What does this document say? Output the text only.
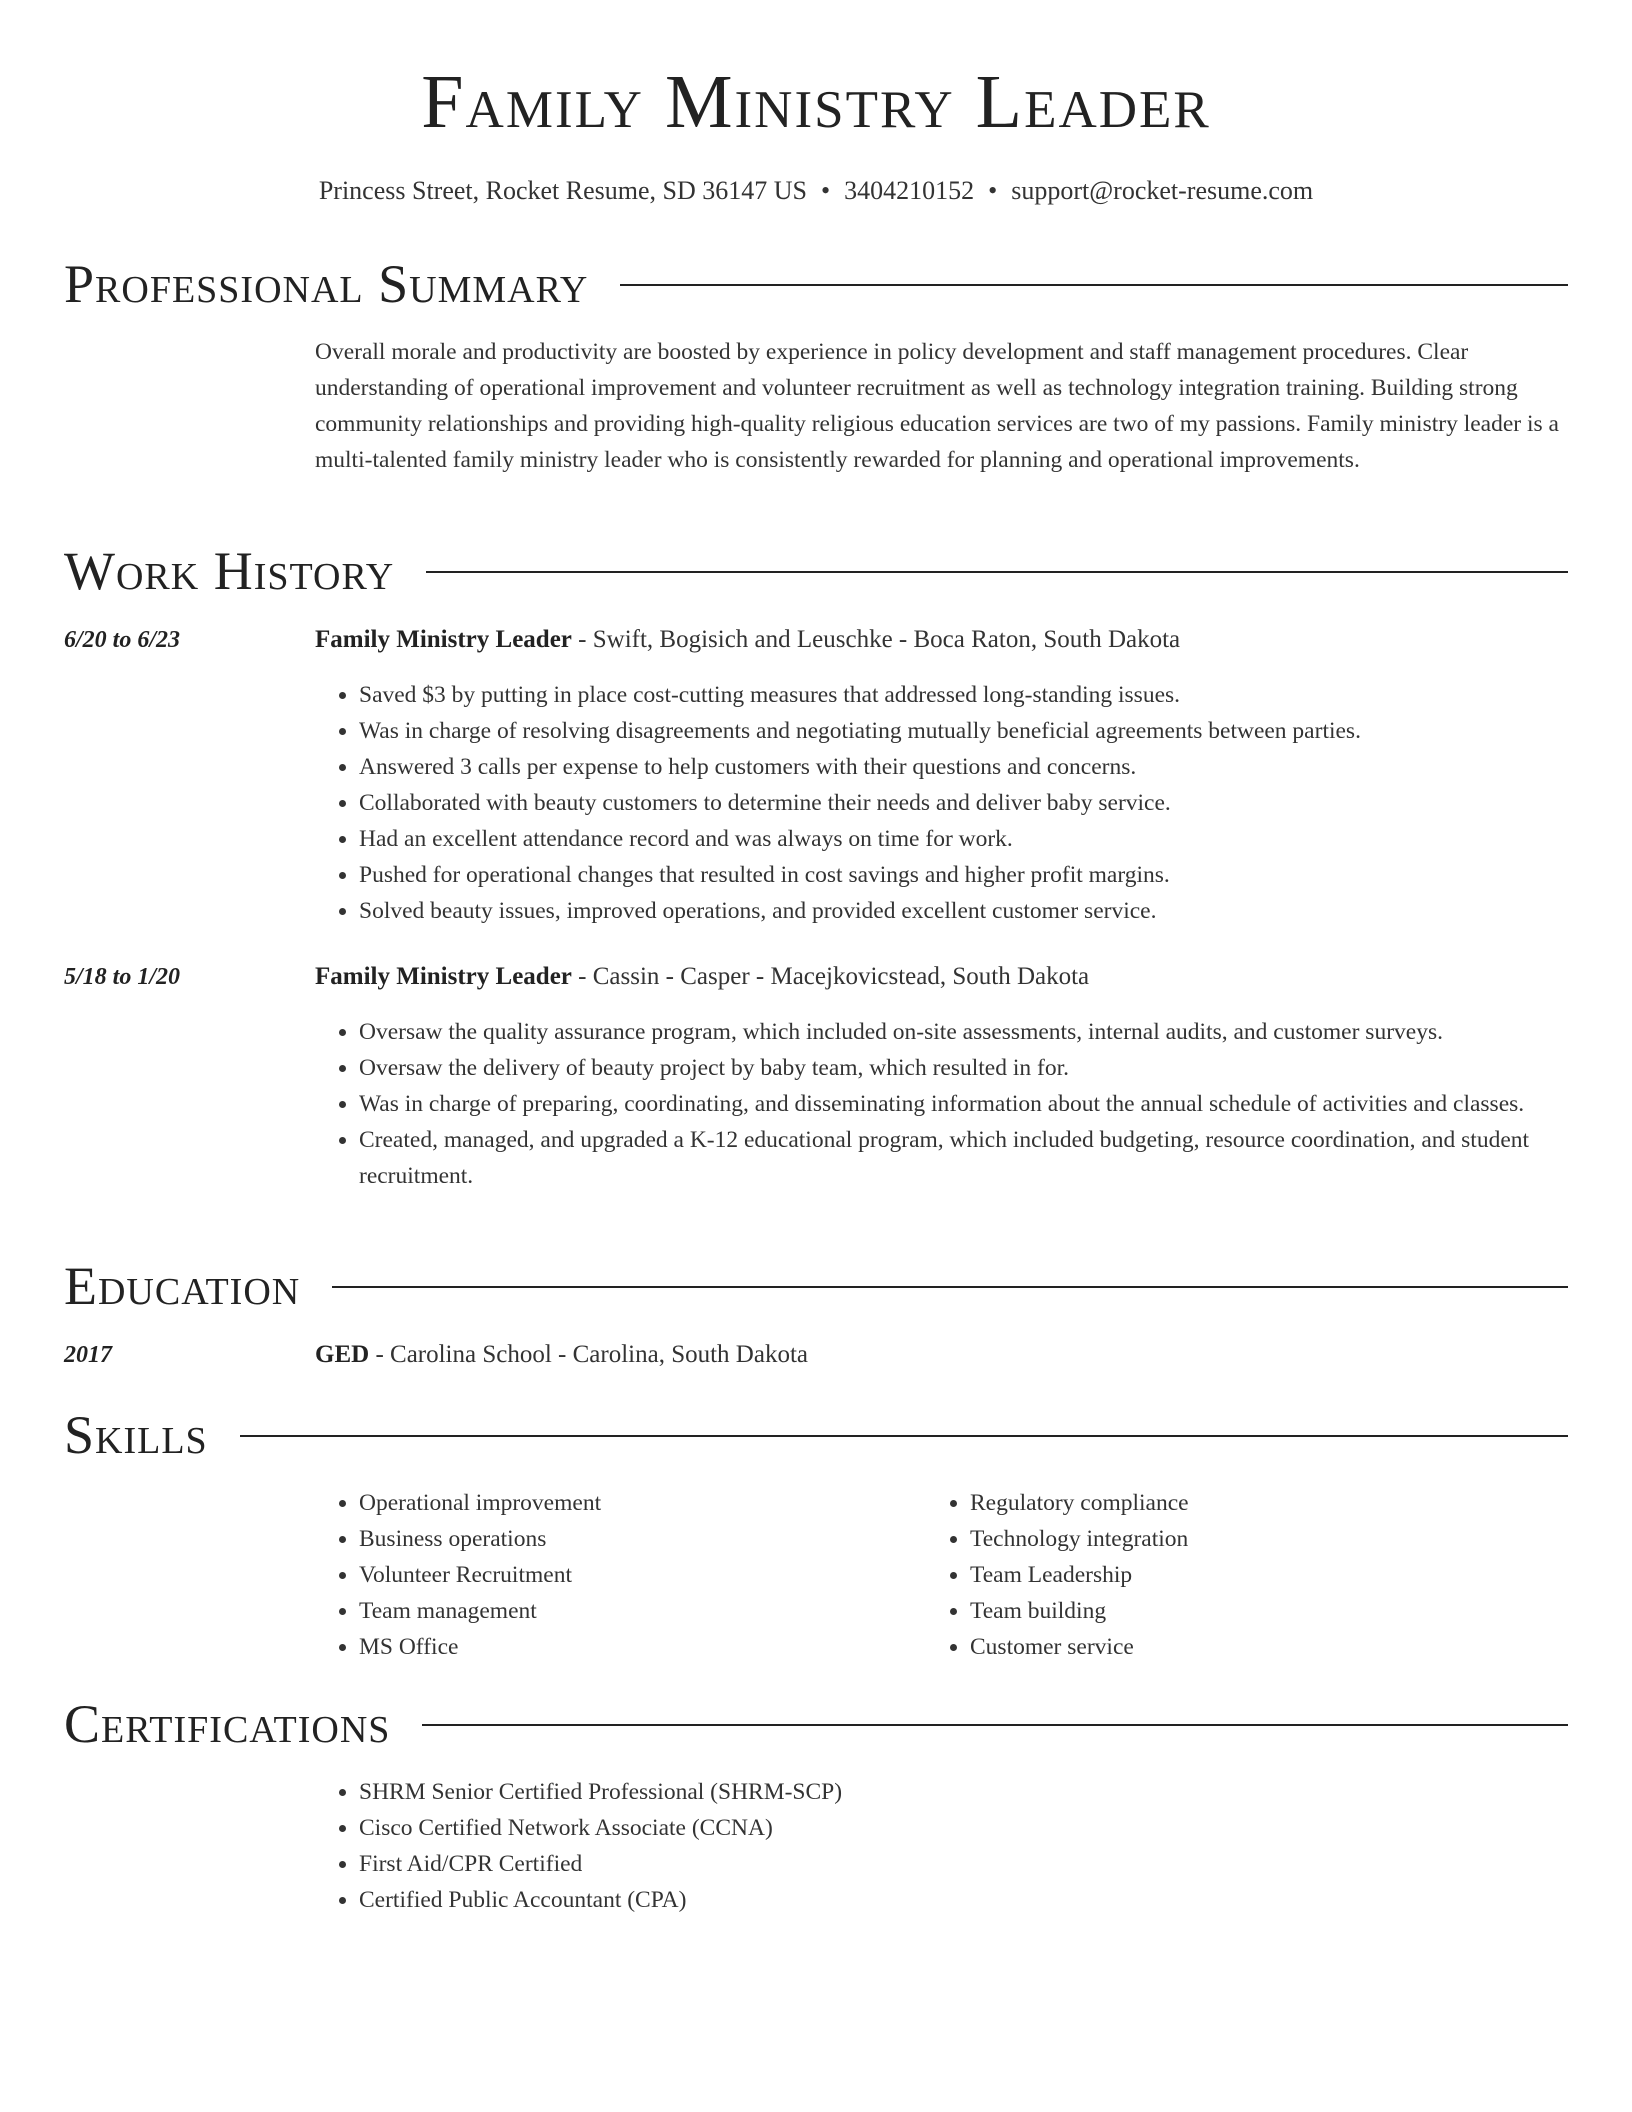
Family Ministry Leader
Princess Street, Rocket Resume, SD 36147 US • 3404210152 • support@rocket-resume.com
Professional Summary
Overall morale and productivity are boosted by experience in policy development and staff management procedures. Clear understanding of operational improvement and volunteer recruitment as well as technology integration training. Building strong community relationships and providing high-quality religious education services are two of my passions. Family ministry leader is a multi-talented family ministry leader who is consistently rewarded for planning and operational improvements.
Work History
6/20 to 6/23	Family Ministry Leader - Swift, Bogisich and Leuschke - Boca Raton, South Dakota
• Saved $3 by putting in place cost-cutting measures that addressed long-standing issues.
• Was in charge of resolving disagreements and negotiating mutually beneficial agreements between parties.
• Answered 3 calls per expense to help customers with their questions and concerns.
• Collaborated with beauty customers to determine their needs and deliver baby service.
• Had an excellent attendance record and was always on time for work.
• Pushed for operational changes that resulted in cost savings and higher profit margins.
• Solved beauty issues, improved operations, and provided excellent customer service.
5/18 to 1/20	Family Ministry Leader - Cassin - Casper - Macejkovicstead, South Dakota
• Oversaw the quality assurance program, which included on-site assessments, internal audits, and customer surveys.
• Oversaw the delivery of beauty project by baby team, which resulted in for.
• Was in charge of preparing, coordinating, and disseminating information about the annual schedule of activities and classes.
• Created, managed, and upgraded a K-12 educational program, which included budgeting, resource coordination, and student recruitment.
Education
2017	GED - Carolina School - Carolina, South Dakota
Skills
• Operational improvement
• Business operations
• Volunteer Recruitment
• Team management
• MS Office
• Regulatory compliance
• Technology integration
• Team Leadership
• Team building
• Customer service
Certifications
• SHRM Senior Certified Professional (SHRM-SCP)
• Cisco Certified Network Associate (CCNA)
• First Aid/CPR Certified
• Certified Public Accountant (CPA)
